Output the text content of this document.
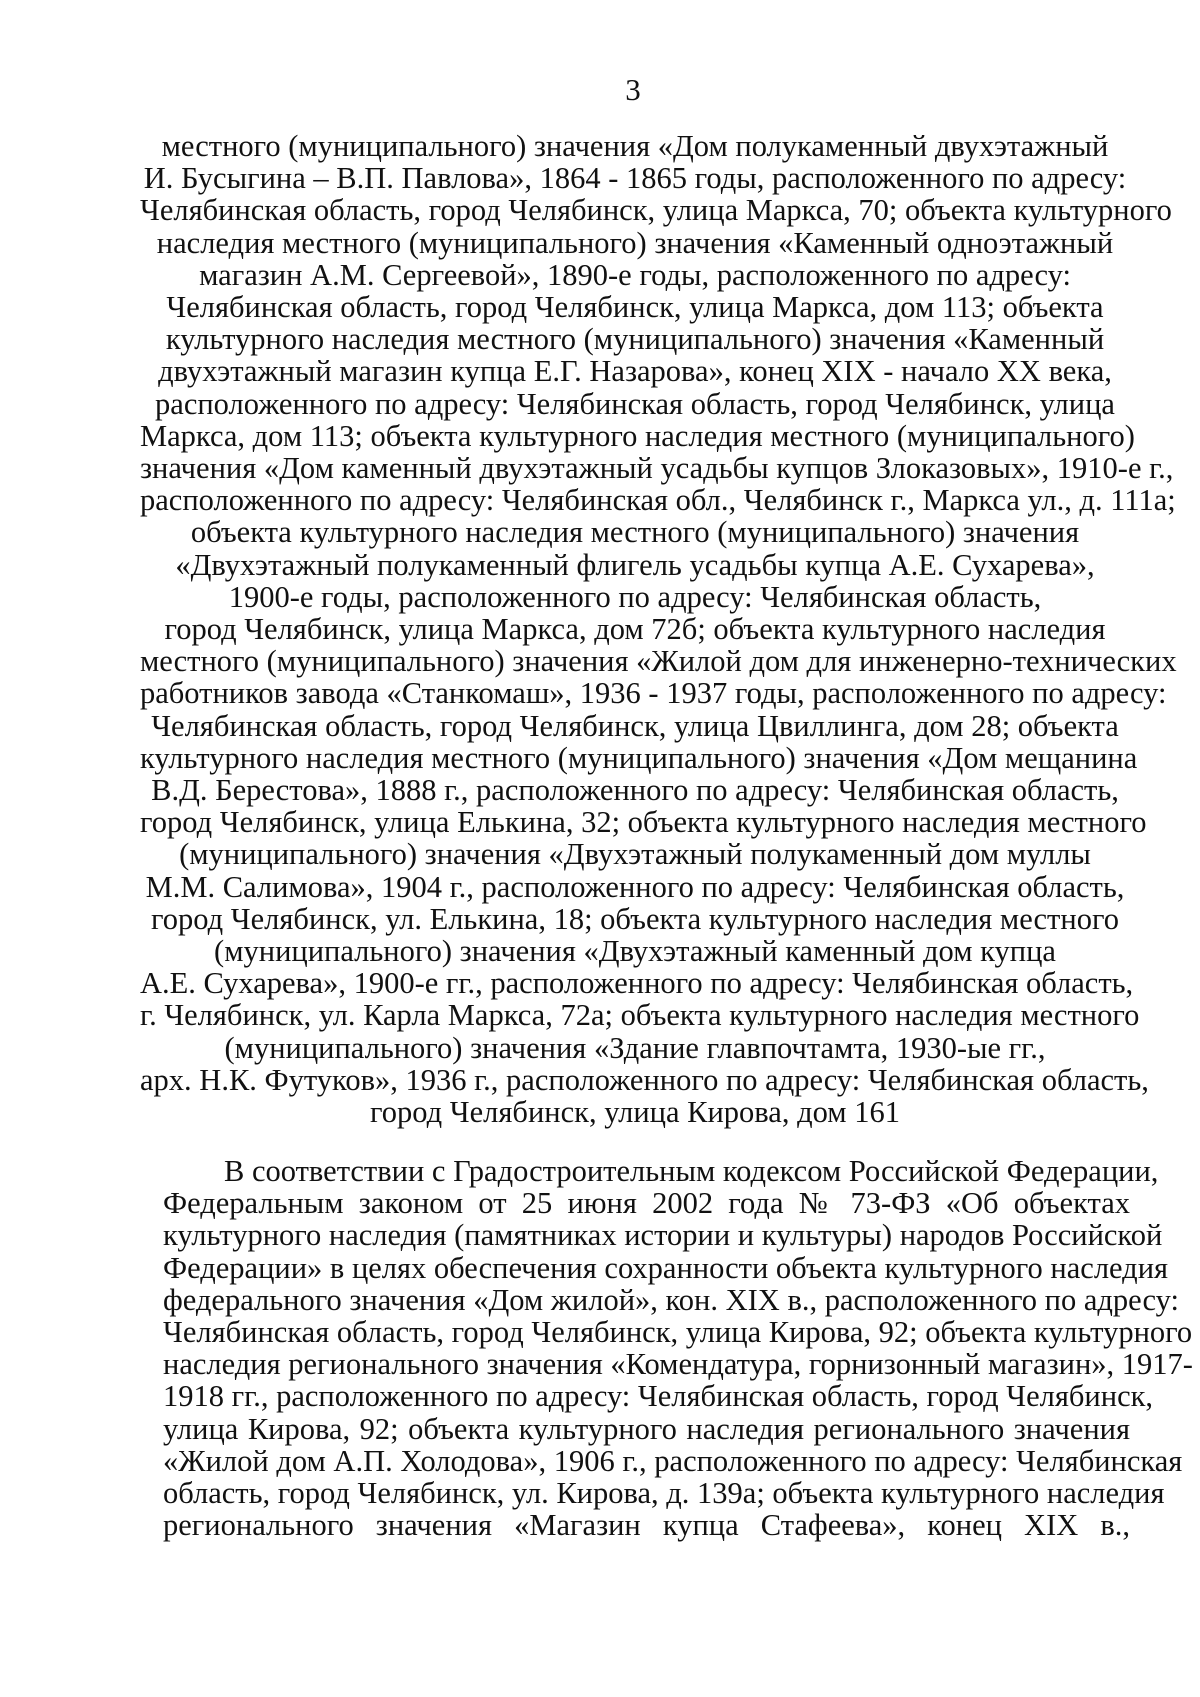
3
местного (муниципального) значения «Дом полукаменный двухэтажный
И. Бусыгина – В.П. Павлова», 1864 - 1865 годы, расположенного по адресу:
Челябинская область, город Челябинск, улица Маркса, 70; объекта культурного
наследия местного (муниципального) значения «Каменный одноэтажный
магазин А.М. Сергеевой», 1890-е годы, расположенного по адресу:
Челябинская область, город Челябинск, улица Маркса, дом 113; объекта
культурного наследия местного (муниципального) значения «Каменный
двухэтажный магазин купца Е.Г. Назарова», конец XIX - начало XX века,
расположенного по адресу: Челябинская область, город Челябинск, улица
Маркса, дом 113; объекта культурного наследия местного (муниципального)
значения «Дом каменный двухэтажный усадьбы купцов Злоказовых», 1910-е г.,
расположенного по адресу: Челябинская обл., Челябинск г., Маркса ул., д. 111а;
объекта культурного наследия местного (муниципального) значения
«Двухэтажный полукаменный флигель усадьбы купца А.Е. Сухарева»,
1900-е годы, расположенного по адресу: Челябинская область,
город Челябинск, улица Маркса, дом 72б; объекта культурного наследия
местного (муниципального) значения «Жилой дом для инженерно-технических
работников завода «Станкомаш», 1936 - 1937 годы, расположенного по адресу:
Челябинская область, город Челябинск, улица Цвиллинга, дом 28; объекта
культурного наследия местного (муниципального) значения «Дом мещанина
В.Д. Берестова», 1888 г., расположенного по адресу: Челябинская область,
город Челябинск, улица Елькина, 32; объекта культурного наследия местного
(муниципального) значения «Двухэтажный полукаменный дом муллы
М.М. Салимова», 1904 г., расположенного по адресу: Челябинская область,
город Челябинск, ул. Елькина, 18; объекта культурного наследия местного
(муниципального) значения «Двухэтажный каменный дом купца
А.Е. Сухарева», 1900-е гг., расположенного по адресу: Челябинская область,
г. Челябинск, ул. Карла Маркса, 72а; объекта культурного наследия местного
(муниципального) значения «Здание главпочтамта, 1930-ые гг.,
арх. Н.К. Футуков», 1936 г., расположенного по адресу: Челябинская область,
город Челябинск, улица Кирова, дом 161
В соответствии с Градостроительным кодексом Российской Федерации,
Федеральным законом от 25 июня 2002 года № 73-ФЗ «Об объектах
культурного наследия (памятниках истории и культуры) народов Российской
Федерации» в целях обеспечения сохранности объекта культурного наследия
федерального значения «Дом жилой», кон. XIX в., расположенного по адресу:
Челябинская область, город Челябинск, улица Кирова, 92; объекта культурного
наследия регионального значения «Комендатура, горнизонный магазин», 1917-
1918 гг., расположенного по адресу: Челябинская область, город Челябинск,
улица Кирова, 92; объекта культурного наследия регионального значения
«Жилой дом А.П. Холодова», 1906 г., расположенного по адресу: Челябинская
область, город Челябинск, ул. Кирова, д. 139а; объекта культурного наследия
регионального значения «Магазин купца Стафеева», конец XIX в.,
